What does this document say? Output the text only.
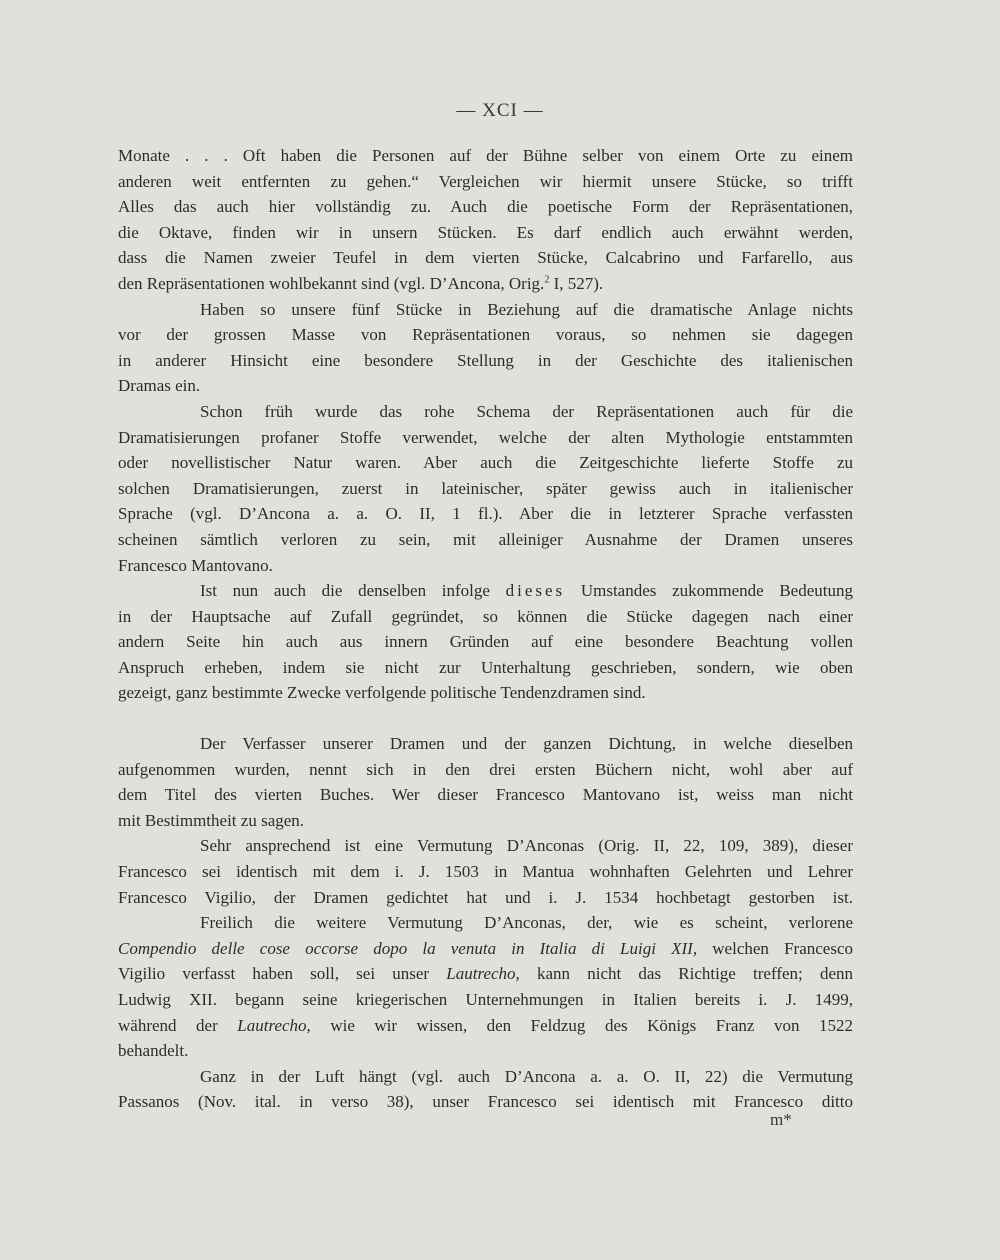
— XCI —
Monate . . . Oft haben die Personen auf der Bühne selber von einem Orte zu einem
anderen weit entfernten zu gehen.“ Vergleichen wir hiermit unsere Stücke, so trifft
Alles das auch hier vollständig zu. Auch die poetische Form der Repräsentationen,
die Oktave, finden wir in unsern Stücken. Es darf endlich auch erwähnt werden,
dass die Namen zweier Teufel in dem vierten Stücke, Calcabrino und Farfarello, aus
den Repräsentationen wohlbekannt sind (vgl. D’Ancona, Orig.$^2$ I, 527).
Haben so unsere fünf Stücke in Beziehung auf die dramatische Anlage nichts
vor der grossen Masse von Repräsentationen voraus, so nehmen sie dagegen
in anderer Hinsicht eine besondere Stellung in der Geschichte des italienischen
Dramas ein.
Schon früh wurde das rohe Schema der Repräsentationen auch für die
Dramatisierungen profaner Stoffe verwendet, welche der alten Mythologie entstammten
oder novellistischer Natur waren. Aber auch die Zeitgeschichte lieferte Stoffe zu
solchen Dramatisierungen, zuerst in lateinischer, später gewiss auch in italienischer
Sprache (vgl. D’Ancona a. a. O. II, 1 fl.). Aber die in letzterer Sprache verfassten
scheinen sämtlich verloren zu sein, mit alleiniger Ausnahme der Dramen unseres
Francesco Mantovano.
Ist nun auch die denselben infolge dieses Umstandes zukommende Bedeutung
in der Hauptsache auf Zufall gegründet, so können die Stücke dagegen nach einer
andern Seite hin auch aus innern Gründen auf eine besondere Beachtung vollen
Anspruch erheben, indem sie nicht zur Unterhaltung geschrieben, sondern, wie oben
gezeigt, ganz bestimmte Zwecke verfolgende politische Tendenzdramen sind.
Der Verfasser unserer Dramen und der ganzen Dichtung, in welche dieselben
aufgenommen wurden, nennt sich in den drei ersten Büchern nicht, wohl aber auf
dem Titel des vierten Buches. Wer dieser Francesco Mantovano ist, weiss man nicht
mit Bestimmtheit zu sagen.
Sehr ansprechend ist eine Vermutung D’Anconas (Orig. II, 22, 109, 389), dieser
Francesco sei identisch mit dem i. J. 1503 in Mantua wohnhaften Gelehrten und Lehrer
Francesco Vigilio, der Dramen gedichtet hat und i. J. 1534 hochbetagt gestorben ist.
Freilich die weitere Vermutung D’Anconas, der, wie es scheint, verlorene
Compendio delle cose occorse dopo la venuta in Italia di Luigi XII, welchen Francesco
Vigilio verfasst haben soll, sei unser Lautrecho, kann nicht das Richtige treffen; denn
Ludwig XII. begann seine kriegerischen Unternehmungen in Italien bereits i. J. 1499,
während der Lautrecho, wie wir wissen, den Feldzug des Königs Franz von 1522
behandelt.
Ganz in der Luft hängt (vgl. auch D’Ancona a. a. O. II, 22) die Vermutung
Passanos (Nov. ital. in verso 38), unser Francesco sei identisch mit Francesco ditto
m*
